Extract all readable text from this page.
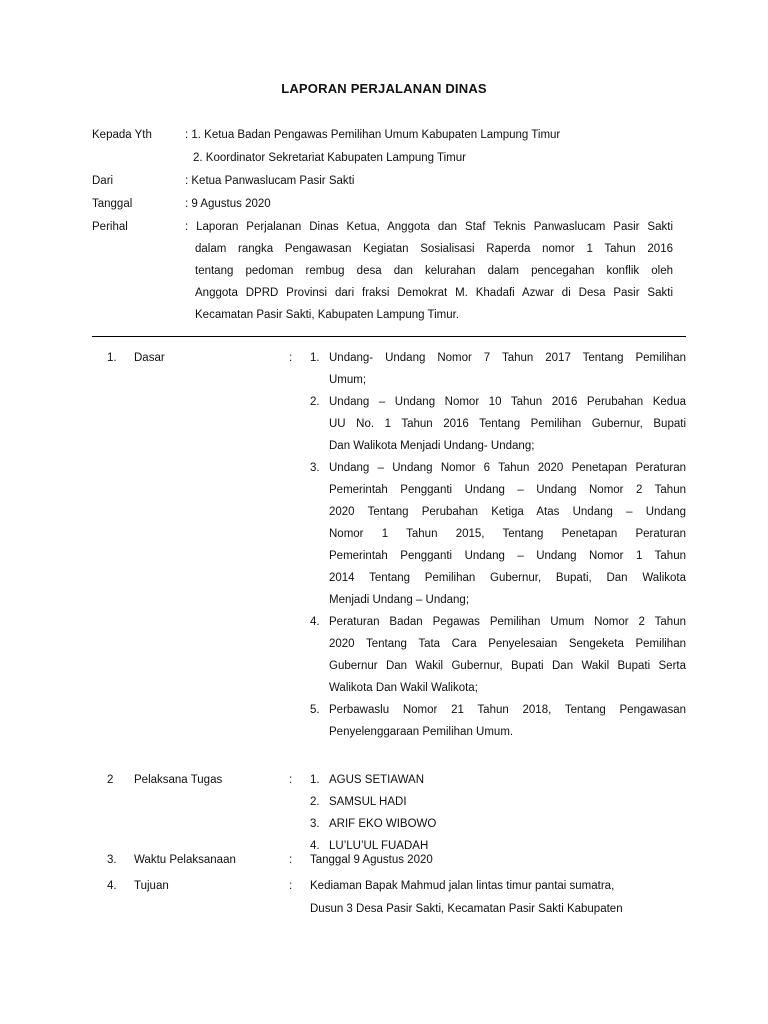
LAPORAN PERJALANAN DINAS
Kepada Yth	: 1. Ketua Badan Pengawas Pemilihan Umum Kabupaten Lampung Timur
2. Koordinator Sekretariat Kabupaten Lampung Timur
Dari	: Ketua Panwaslucam Pasir Sakti
Tanggal	: 9 Agustus 2020
Perihal	: Laporan Perjalanan Dinas Ketua, Anggota dan Staf Teknis Panwaslucam Pasir Sakti
dalam rangka Pengawasan Kegiatan Sosialisasi Raperda nomor 1 Tahun 2016
tentang pedoman rembug desa dan kelurahan dalam pencegahan konflik oleh
Anggota DPRD Provinsi dari fraksi Demokrat M. Khadafi Azwar di Desa Pasir Sakti
Kecamatan Pasir Sakti, Kabupaten Lampung Timur.
1. Dasar	: 1. Undang- Undang Nomor 7 Tahun 2017 Tentang Pemilihan
Umum;
2. Undang – Undang Nomor 10 Tahun 2016 Perubahan Kedua
UU No. 1 Tahun 2016 Tentang Pemilihan Gubernur, Bupati
Dan Walikota Menjadi Undang- Undang;
3. Undang – Undang Nomor 6 Tahun 2020 Penetapan Peraturan
Pemerintah Pengganti Undang – Undang Nomor 2 Tahun
2020 Tentang Perubahan Ketiga Atas Undang – Undang
Nomor 1 Tahun 2015, Tentang Penetapan Peraturan
Pemerintah Pengganti Undang – Undang Nomor 1 Tahun
2014 Tentang Pemilihan Gubernur, Bupati, Dan Walikota
Menjadi Undang – Undang;
4. Peraturan Badan Pegawas Pemilihan Umum Nomor 2 Tahun
2020 Tentang Tata Cara Penyelesaian Sengeketa Pemilihan
Gubernur Dan Wakil Gubernur, Bupati Dan Wakil Bupati Serta
Walikota Dan Wakil Walikota;
5. Perbawaslu Nomor 21 Tahun 2018, Tentang Pengawasan
Penyelenggaraan Pemilihan Umum.
2 Pelaksana Tugas	: 1. AGUS SETIAWAN
2. SAMSUL HADI
3. ARIF EKO WIBOWO
4. LU’LU’UL FUADAH
3. Waktu Pelaksanaan	: Tanggal 9 Agustus 2020
4. Tujuan	: Kediaman Bapak Mahmud jalan lintas timur pantai sumatra,
Dusun 3 Desa Pasir Sakti, Kecamatan Pasir Sakti Kabupaten
